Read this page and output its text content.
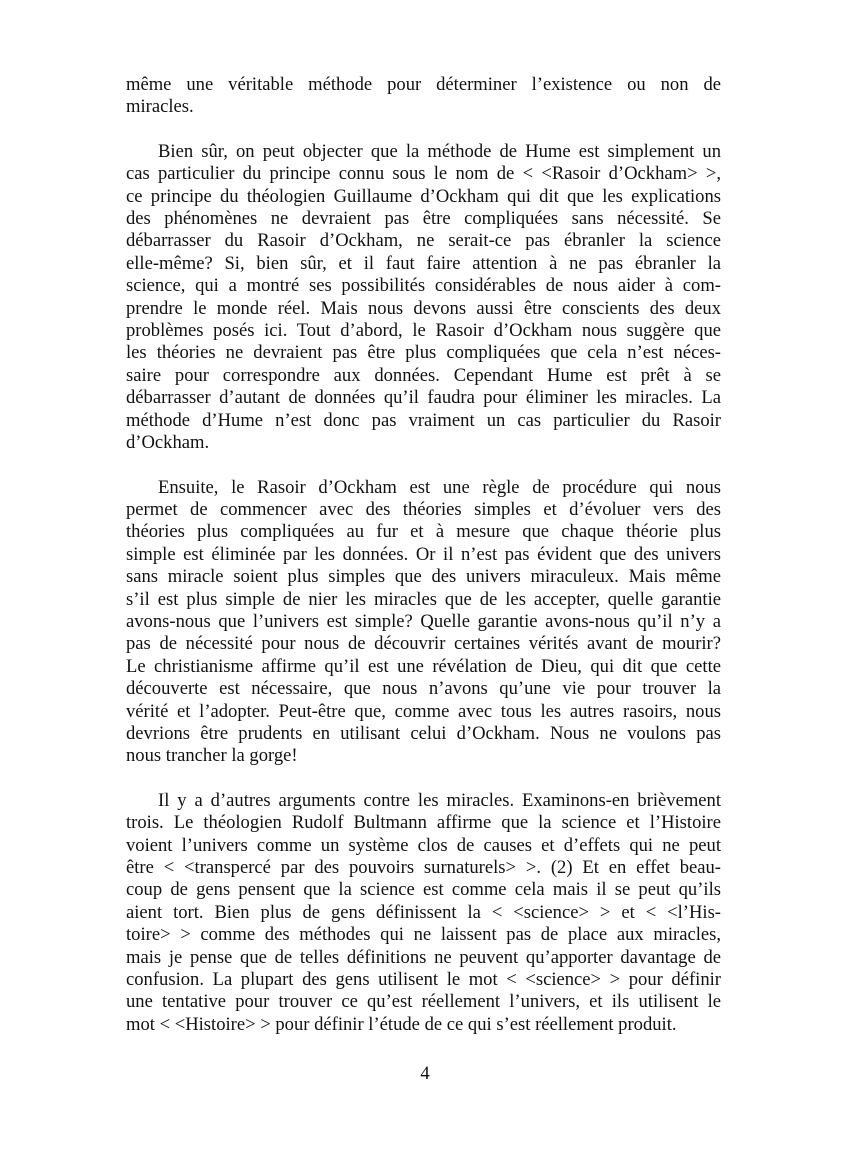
même une véritable méthode pour déterminer l’existence ou non de
miracles.

Bien sûr, on peut objecter que la méthode de Hume est simplement un
cas particulier du principe connu sous le nom de < <Rasoir d’Ockham> >,
ce principe du théologien Guillaume d’Ockham qui dit que les explications
des phénomènes ne devraient pas être compliquées sans nécessité. Se
débarrasser du Rasoir d’Ockham, ne serait-ce pas ébranler la science
elle-même? Si, bien sûr, et il faut faire attention à ne pas ébranler la
science, qui a montré ses possibilités considérables de nous aider à com-
prendre le monde réel. Mais nous devons aussi être conscients des deux
problèmes posés ici. Tout d’abord, le Rasoir d’Ockham nous suggère que
les théories ne devraient pas être plus compliquées que cela n’est néces-
saire pour correspondre aux données. Cependant Hume est prêt à se
débarrasser d’autant de données qu’il faudra pour éliminer les miracles. La
méthode d’Hume n’est donc pas vraiment un cas particulier du Rasoir
d’Ockham.

Ensuite, le Rasoir d’Ockham est une règle de procédure qui nous
permet de commencer avec des théories simples et d’évoluer vers des
théories plus compliquées au fur et à mesure que chaque théorie plus
simple est éliminée par les données. Or il n’est pas évident que des univers
sans miracle soient plus simples que des univers miraculeux. Mais même
s’il est plus simple de nier les miracles que de les accepter, quelle garantie
avons-nous que l’univers est simple? Quelle garantie avons-nous qu’il n’y a
pas de nécessité pour nous de découvrir certaines vérités avant de mourir?
Le christianisme affirme qu’il est une révélation de Dieu, qui dit que cette
découverte est nécessaire, que nous n’avons qu’une vie pour trouver la
vérité et l’adopter. Peut-être que, comme avec tous les autres rasoirs, nous
devrions être prudents en utilisant celui d’Ockham. Nous ne voulons pas
nous trancher la gorge!

Il y a d’autres arguments contre les miracles. Examinons-en brièvement
trois. Le théologien Rudolf Bultmann affirme que la science et l’Histoire
voient l’univers comme un système clos de causes et d’effets qui ne peut
être < <transpercé par des pouvoirs surnaturels> >. (2) Et en effet beau-
coup de gens pensent que la science est comme cela mais il se peut qu’ils
aient tort. Bien plus de gens définissent la < <science> > et < <l’His-
toire> > comme des méthodes qui ne laissent pas de place aux miracles,
mais je pense que de telles définitions ne peuvent qu’apporter davantage de
confusion. La plupart des gens utilisent le mot < <science> > pour définir
une tentative pour trouver ce qu’est réellement l’univers, et ils utilisent le
mot < <Histoire> > pour définir l’étude de ce qui s’est réellement produit.

4
